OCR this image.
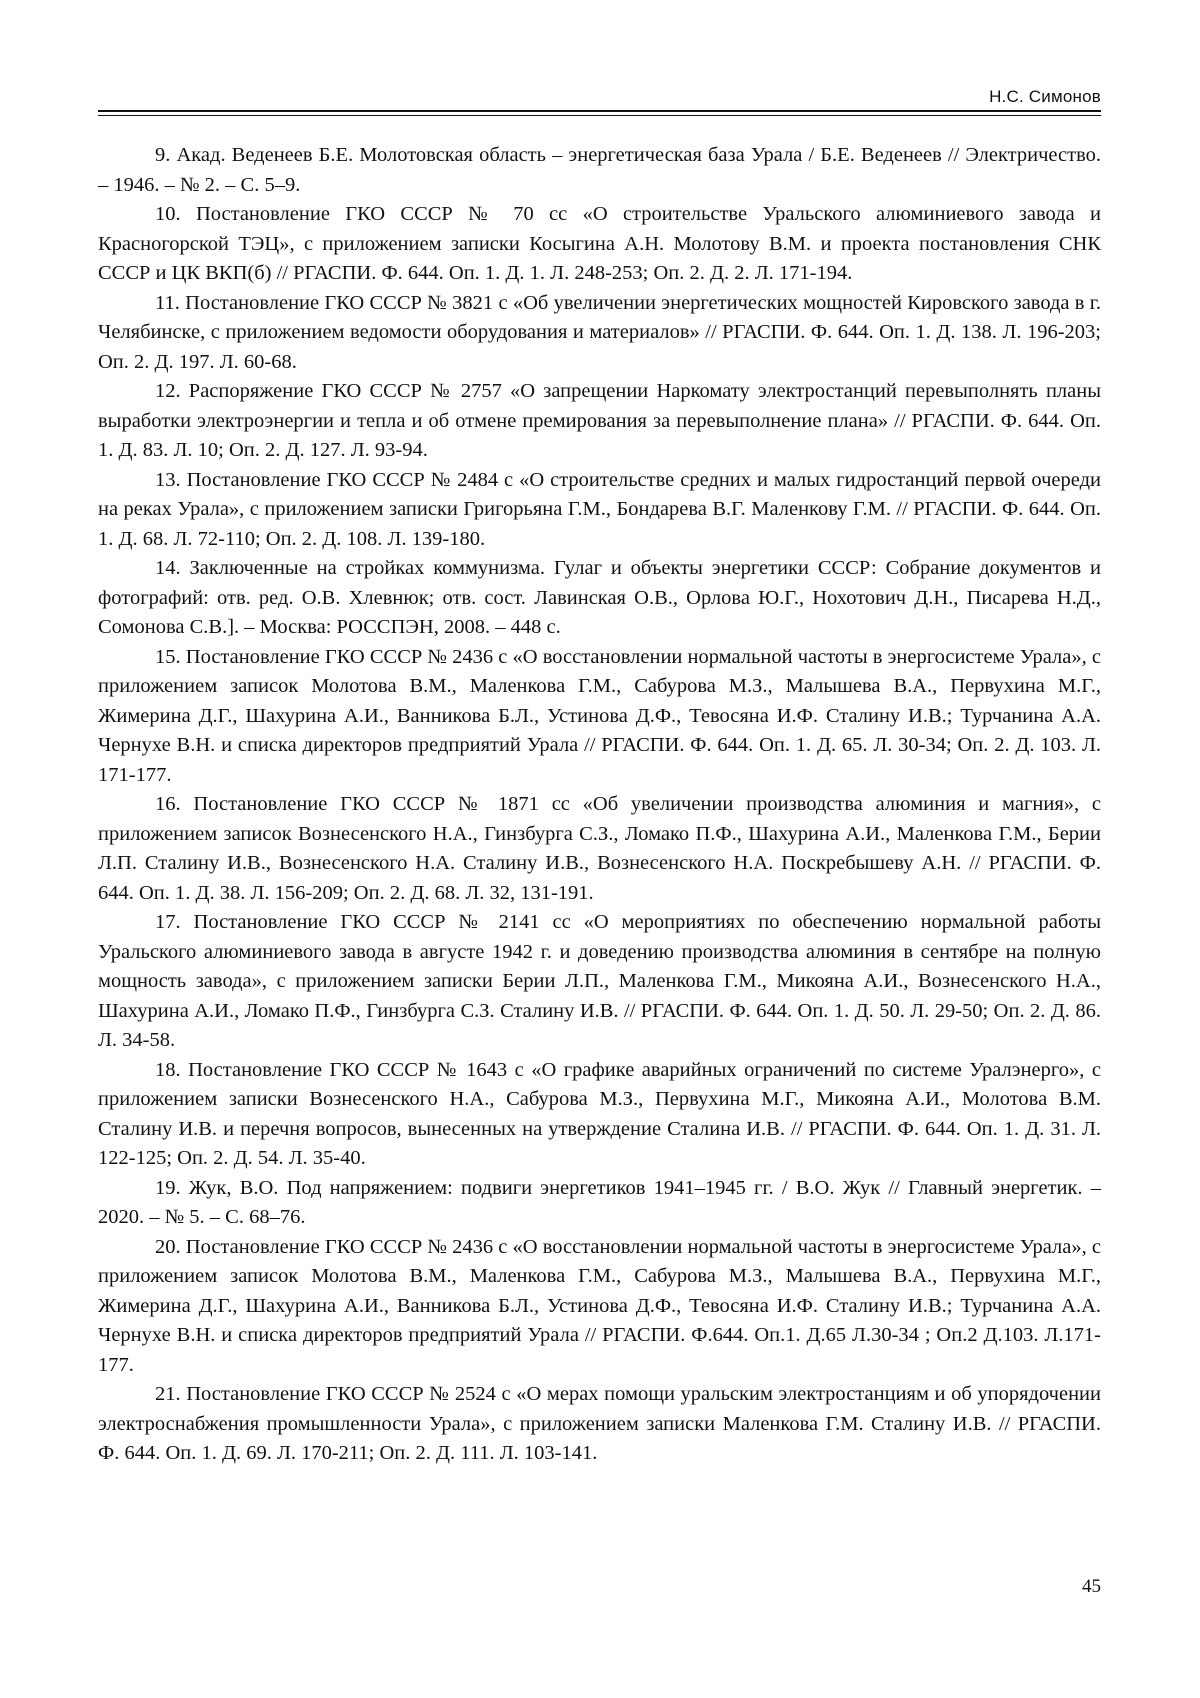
Н.С. Симонов
9. Акад. Веденеев Б.Е. Молотовская область – энергетическая база Урала / Б.Е. Веденеев // Электричество. – 1946. – № 2. – С. 5–9.
10. Постановление ГКО СССР № 70 сс «О строительстве Уральского алюминиевого завода и Красногорской ТЭЦ», с приложением записки Косыгина А.Н. Молотову В.М. и проекта постановления СНК СССР и ЦК ВКП(б) // РГАСПИ. Ф. 644. Оп. 1. Д. 1. Л. 248-253; Оп. 2. Д. 2. Л. 171-194.
11. Постановление ГКО СССР № 3821 с «Об увеличении энергетических мощностей Кировского завода в г. Челябинске, с приложением ведомости оборудования и материалов» // РГАСПИ. Ф. 644. Оп. 1. Д. 138. Л. 196-203; Оп. 2. Д. 197. Л. 60-68.
12. Распоряжение ГКО СССР № 2757 «О запрещении Наркомату электростанций перевыполнять планы выработки электроэнергии и тепла и об отмене премирования за перевыполнение плана» // РГАСПИ. Ф. 644. Оп. 1. Д. 83. Л. 10; Оп. 2. Д. 127. Л. 93-94.
13. Постановление ГКО СССР № 2484 с «О строительстве средних и малых гидростанций первой очереди на реках Урала», с приложением записки Григорьяна Г.М., Бондарева В.Г. Маленкову Г.М. // РГАСПИ. Ф. 644. Оп. 1. Д. 68. Л. 72-110; Оп. 2. Д. 108. Л. 139-180.
14. Заключенные на стройках коммунизма. Гулаг и объекты энергетики СССР: Собрание документов и фотографий: отв. ред. О.В. Хлевнюк; отв. сост. Лавинская О.В., Орлова Ю.Г., Нохотович Д.Н., Писарева Н.Д., Сомонова С.В.]. – Москва: РОССПЭН, 2008. – 448 с.
15. Постановление ГКО СССР № 2436 с «О восстановлении нормальной частоты в энергосистеме Урала», с приложением записок Молотова В.М., Маленкова Г.М., Сабурова М.З., Малышева В.А., Первухина М.Г., Жимерина Д.Г., Шахурина А.И., Ванникова Б.Л., Устинова Д.Ф., Тевосяна И.Ф. Сталину И.В.; Турчанина А.А. Чернухе В.Н. и списка директоров предприятий Урала // РГАСПИ. Ф. 644. Оп. 1. Д. 65. Л. 30-34; Оп. 2. Д. 103. Л. 171-177.
16. Постановление ГКО СССР № 1871 сс «Об увеличении производства алюминия и магния», с приложением записок Вознесенского Н.А., Гинзбурга С.З., Ломако П.Ф., Шахурина А.И., Маленкова Г.М., Берии Л.П. Сталину И.В., Вознесенского Н.А. Сталину И.В., Вознесенского Н.А. Поскребышеву А.Н. // РГАСПИ. Ф. 644. Оп. 1. Д. 38. Л. 156-209; Оп. 2. Д. 68. Л. 32, 131-191.
17. Постановление ГКО СССР № 2141 сс «О мероприятиях по обеспечению нормальной работы Уральского алюминиевого завода в августе 1942 г. и доведению производства алюминия в сентябре на полную мощность завода», с приложением записки Берии Л.П., Маленкова Г.М., Микояна А.И., Вознесенского Н.А., Шахурина А.И., Ломако П.Ф., Гинзбурга С.З. Сталину И.В. // РГАСПИ. Ф. 644. Оп. 1. Д. 50. Л. 29-50; Оп. 2. Д. 86. Л. 34-58.
18. Постановление ГКО СССР № 1643 с «О графике аварийных ограничений по системе Уралэнерго», с приложением записки Вознесенского Н.А., Сабурова М.З., Первухина М.Г., Микояна А.И., Молотова В.М. Сталину И.В. и перечня вопросов, вынесенных на утверждение Сталина И.В. // РГАСПИ. Ф. 644. Оп. 1. Д. 31. Л. 122-125; Оп. 2. Д. 54. Л. 35-40.
19. Жук, В.О. Под напряжением: подвиги энергетиков 1941–1945 гг. / В.О. Жук // Главный энергетик. – 2020. – № 5. – С. 68–76.
20. Постановление ГКО СССР № 2436 с «О восстановлении нормальной частоты в энергосистеме Урала», с приложением записок Молотова В.М., Маленкова Г.М., Сабурова М.З., Малышева В.А., Первухина М.Г., Жимерина Д.Г., Шахурина А.И., Ванникова Б.Л., Устинова Д.Ф., Тевосяна И.Ф. Сталину И.В.; Турчанина А.А. Чернухе В.Н. и списка директоров предприятий Урала // РГАСПИ. Ф.644. Оп.1. Д.65 Л.30-34 ; Оп.2 Д.103. Л.171-177.
21. Постановление ГКО СССР № 2524 с «О мерах помощи уральским электростанциям и об упорядочении электроснабжения промышленности Урала», с приложением записки Маленкова Г.М. Сталину И.В. // РГАСПИ. Ф. 644. Оп. 1. Д. 69. Л. 170-211; Оп. 2. Д. 111. Л. 103-141.
45
